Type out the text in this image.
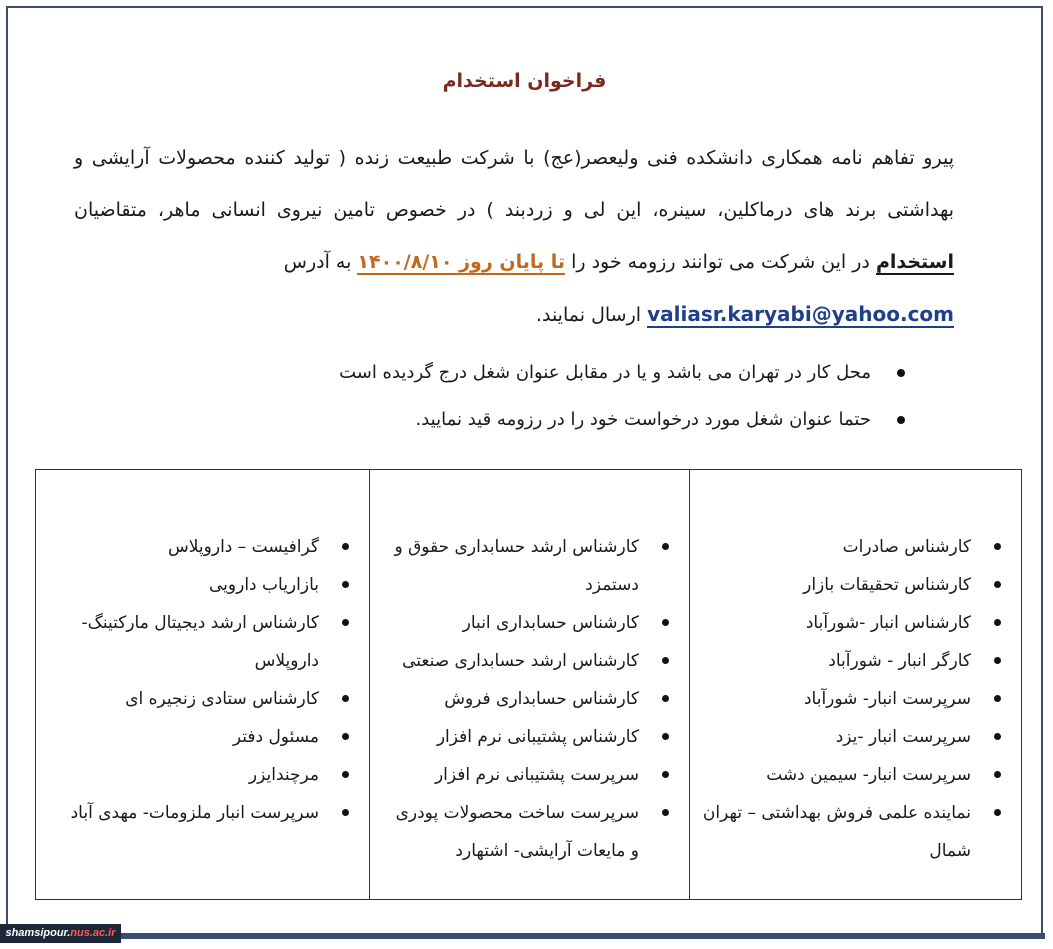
فراخوان استخدام

پیرو تفاهم نامه همکاری دانشکده فنی ولیعصر(عج) با شرکت طبیعت زنده ( تولید کننده محصولات آرایشی و بهداشتی برند های درماکلین، سینره، این لی و زردبند ) در خصوص تامین نیروی انسانی ماهر، متقاضیان استخدام در این شرکت می توانند رزومه خود را تا پایان روز ۱۴۰۰/۸/۱۰ به آدرس
valiasr.karyabi@yahoo.com ارسال نمایند.

محل کار در تهران می باشد و یا در مقابل عنوان شغل درج گردیده است
حتما عنوان شغل مورد درخواست خود را در رزومه قید نمایید.
کارشناس صادرات
کارشناس تحقیقات بازار
کارشناس انبار -شورآباد
کارگر انبار - شورآباد
سرپرست انبار- شورآباد
سرپرست انبار -یزد
سرپرست انبار- سیمین دشت
نماینده علمی فروش بهداشتی – تهران شمال

کارشناس ارشد حسابداری حقوق و دستمزد
کارشناس حسابداری انبار
کارشناس ارشد حسابداری صنعتی
کارشناس حسابداری فروش
کارشناس پشتیبانی نرم افزار
سرپرست پشتیبانی نرم افزار
سرپرست ساخت محصولات پودری و مایعات آرایشی- اشتهارد

گرافیست – داروپلاس
بازاریاب دارویی
کارشناس ارشد دیجیتال مارکتینگ- داروپلاس
کارشناس ستادی زنجیره ای
مسئول دفتر
مرچندایزر
سرپرست انبار ملزومات- مهدی آباد
shamsipour.nus.ac.ir
